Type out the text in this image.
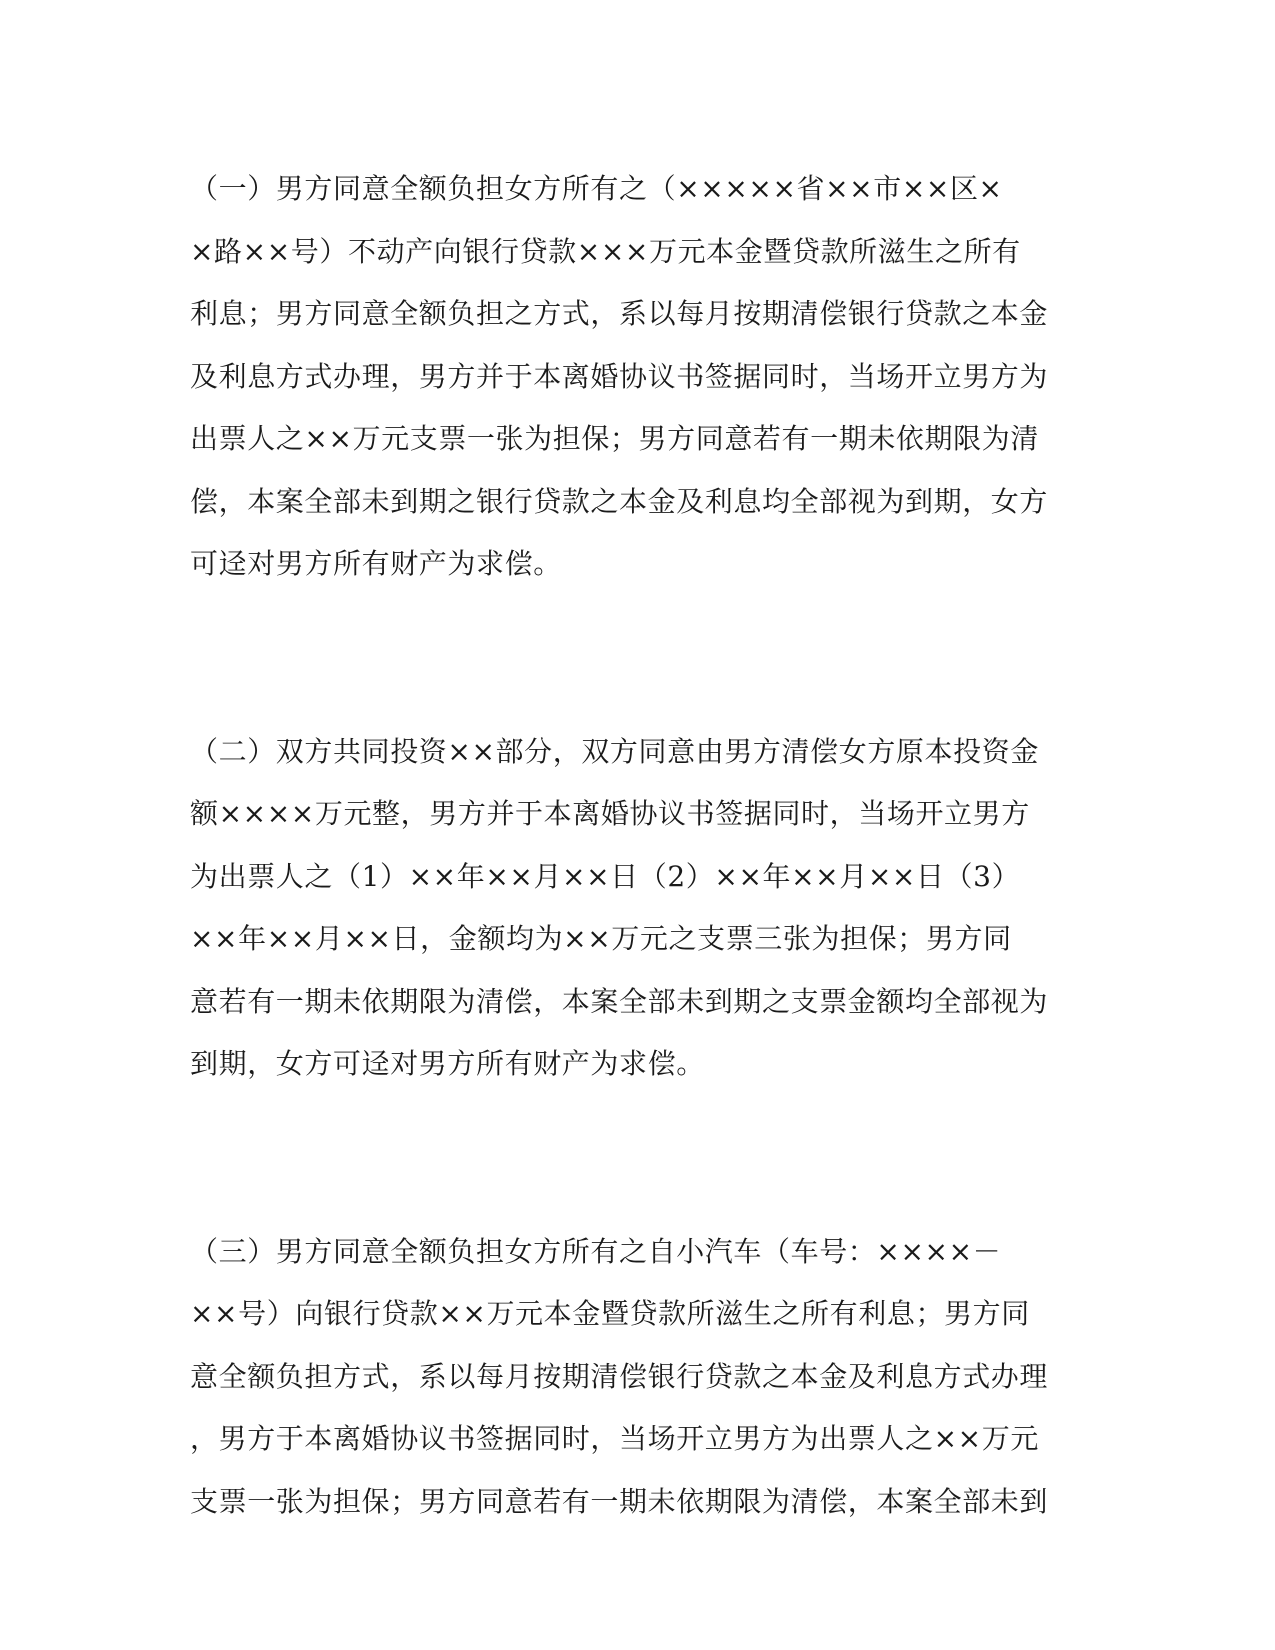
（一）男方同意全额负担女方所有之（×××××省××市××区×
×路××号）不动产向银行贷款×××万元本金暨贷款所滋生之所有
利息；男方同意全额负担之方式，系以每月按期清偿银行贷款之本金
及利息方式办理，男方并于本离婚协议书签据同时，当场开立男方为
出票人之××万元支票一张为担保；男方同意若有一期未依期限为清
偿，本案全部未到期之银行贷款之本金及利息均全部视为到期，女方
可迳对男方所有财产为求偿。

（二）双方共同投资××部分，双方同意由男方清偿女方原本投资金
额××××万元整，男方并于本离婚协议书签据同时，当场开立男方
为出票人之（1）××年××月××日（2）××年××月××日（3）
××年××月××日，金额均为××万元之支票三张为担保；男方同
意若有一期未依期限为清偿，本案全部未到期之支票金额均全部视为
到期，女方可迳对男方所有财产为求偿。

（三）男方同意全额负担女方所有之自小汽车（车号：××××－
××号）向银行贷款××万元本金暨贷款所滋生之所有利息；男方同
意全额负担方式，系以每月按期清偿银行贷款之本金及利息方式办理
，男方于本离婚协议书签据同时，当场开立男方为出票人之××万元
支票一张为担保；男方同意若有一期未依期限为清偿，本案全部未到
